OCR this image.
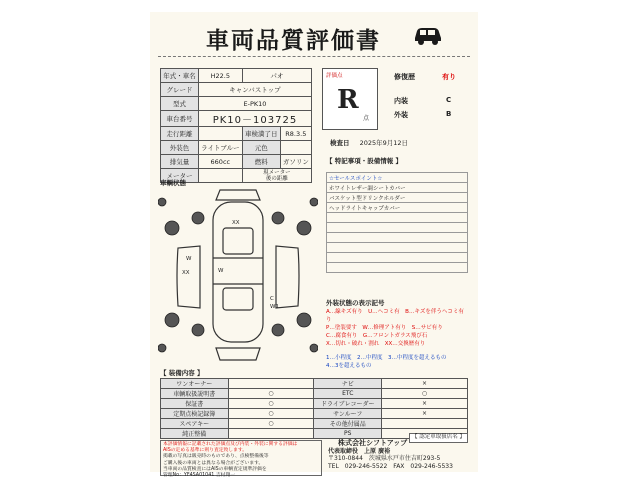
車両品質評価書
年式・車名	H22.5	パオ	
グレード	キャンバストップ		
型式	E-PK10		
車台番号	PK10－103725		
走行距離		車検満了日	R8.3.5
外装色	ライトブルー	元色	
排気量	660cc	燃料	ガソリン
メーター		現メーター
後の距離	
評価点
R
点
修復歴	有り
内装	C
外装	B
検査日 2025年9月12日
【 特記事項・設備情報 】
☆セールスポイント☆
ホワイトレザー調シートカバー
バスケット型ドリンクホルダー
ヘッドライトキャップカバー

車輌状態
XX
W
XX	W
C
W1	外装状態の表示記号
A…線キズ有り　U…ヘコミ有　B…キズを伴うヘコミ有り
P…塗装要す　W…修理アト有り　S…サビ有り
C…腐食有り　G…フロントガラス飛び石
X…切れ・破れ・割れ　XX…交換歴有り
1…小程度　2…中程度　3…中程度を超えるもの
4…3を超えるもの
【 装備内容 】
ワンオーナー		ナビ	×
車輌取扱説明書	○	ETC	○
保証書	○	ドライブレコーダー	×
定期点検記録簿	○	サンルーフ	×
スペアキー	○	その他付属品	
純正整備		PS	
本評価情報に記載された評価点及び内装・外装に関する評価は
AISの定める基準に則り査定致します。
掲載の写真は販売時のものであり、点検整備後等
ご購入後の車両とは異なる場合がございます。
当車両の品質検査にはAISの車輌査定規準評価を
管理No：YF4SA01041 吉村翔一
【 認定車取扱店名 】
株式会社シフトアップ
代表取締役　上原 廣裕
〒310-0844　茨城県水戸市住吉町293-5
TEL　029-246-5522　FAX　029-246-5533
